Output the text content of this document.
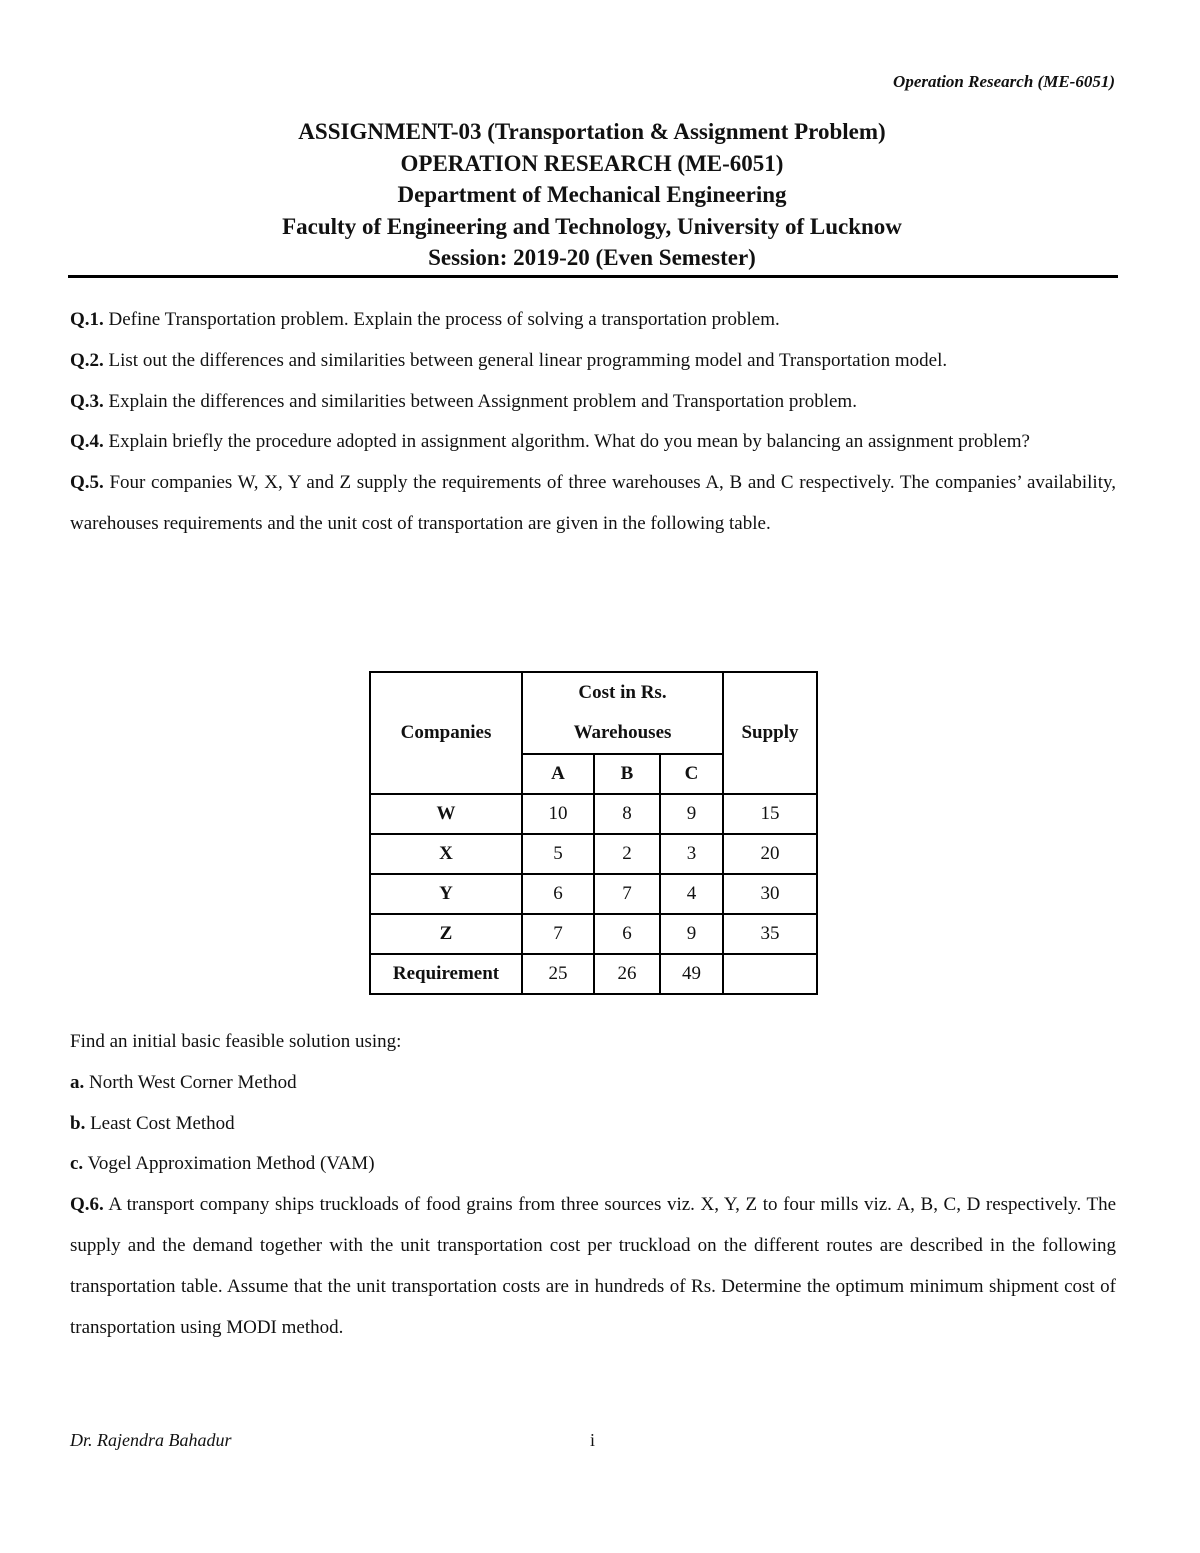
Operation Research (ME-6051)
ASSIGNMENT-03 (Transportation & Assignment Problem)
OPERATION RESEARCH (ME-6051)
Department of Mechanical Engineering
Faculty of Engineering and Technology, University of Lucknow
Session: 2019-20 (Even Semester)

Q.1. Define Transportation problem. Explain the process of solving a transportation problem.

Q.2. List out the differences and similarities between general linear programming model and Transportation model.

Q.3. Explain the differences and similarities between Assignment problem and Transportation problem.

Q.4. Explain briefly the procedure adopted in assignment algorithm. What do you mean by balancing an assignment problem?

Q.5. Four companies W, X, Y and Z supply the requirements of three warehouses A, B and C respectively. The companies’ availability, warehouses requirements and the unit cost of transportation are given in the following table.

Companies	Cost in Rs.
Warehouses			Supply
	A	B	C	

W	10	8	9	15
X	5	2	3	20
Y	6	7	4	30
Z	7	6	9	35
Requirement	25	26	49	

Find an initial basic feasible solution using:

a. North West Corner Method

b. Least Cost Method

c. Vogel Approximation Method (VAM)

Q.6. A transport company ships truckloads of food grains from three sources viz. X, Y, Z to four mills viz. A, B, C, D respectively. The supply and the demand together with the unit transportation cost per truckload on the different routes are described in the following transportation table. Assume that the unit transportation costs are in hundreds of Rs. Determine the optimum minimum shipment cost of transportation using MODI method.

Dr. Rajendra Bahadur	i
